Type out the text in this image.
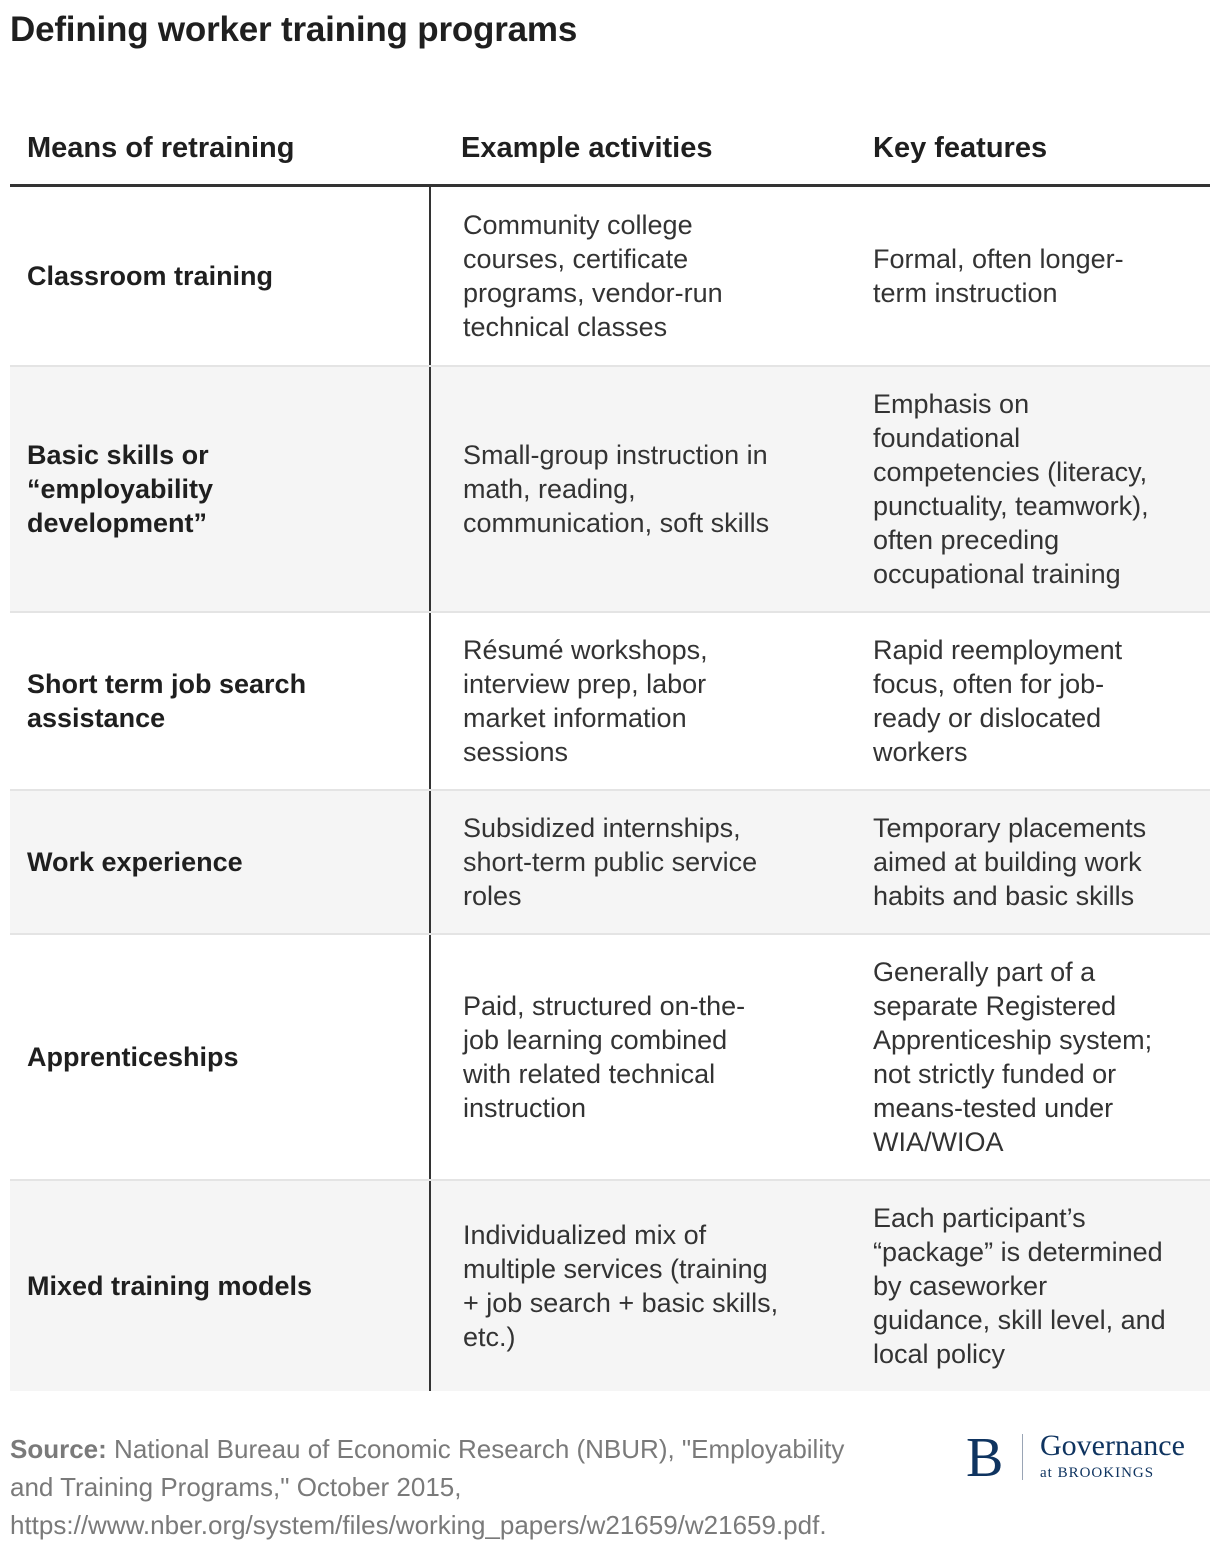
Defining worker training programs
Means of retraining	Example activities	Key features
Classroom training
Community college
courses, certificate
programs, vendor-run
technical classes
Formal, often longer-
term instruction
Basic skills or
“employability
development”
Small-group instruction in
math, reading,
communication, soft skills
Emphasis on
foundational
competencies (literacy,
punctuality, teamwork),
often preceding
occupational training
Short term job search
assistance
Résumé workshops,
interview prep, labor
market information
sessions
Rapid reemployment
focus, often for job-
ready or dislocated
workers
Work experience
Subsidized internships,
short-term public service
roles
Temporary placements
aimed at building work
habits and basic skills
Apprenticeships
Paid, structured on-the-
job learning combined
with related technical
instruction
Generally part of a
separate Registered
Apprenticeship system;
not strictly funded or
means-tested under
WIA/WIOA
Mixed training models
Individualized mix of
multiple services (training
+ job search + basic skills,
etc.)
Each participant’s
“package” is determined
by caseworker
guidance, skill level, and
local policy

Source: National Bureau of Economic Research (NBUR), "Employability
and Training Programs," October 2015,
https://www.nber.org/system/files/working_papers/w21659/w21659.pdf.

B Governance
at BROOKINGS
